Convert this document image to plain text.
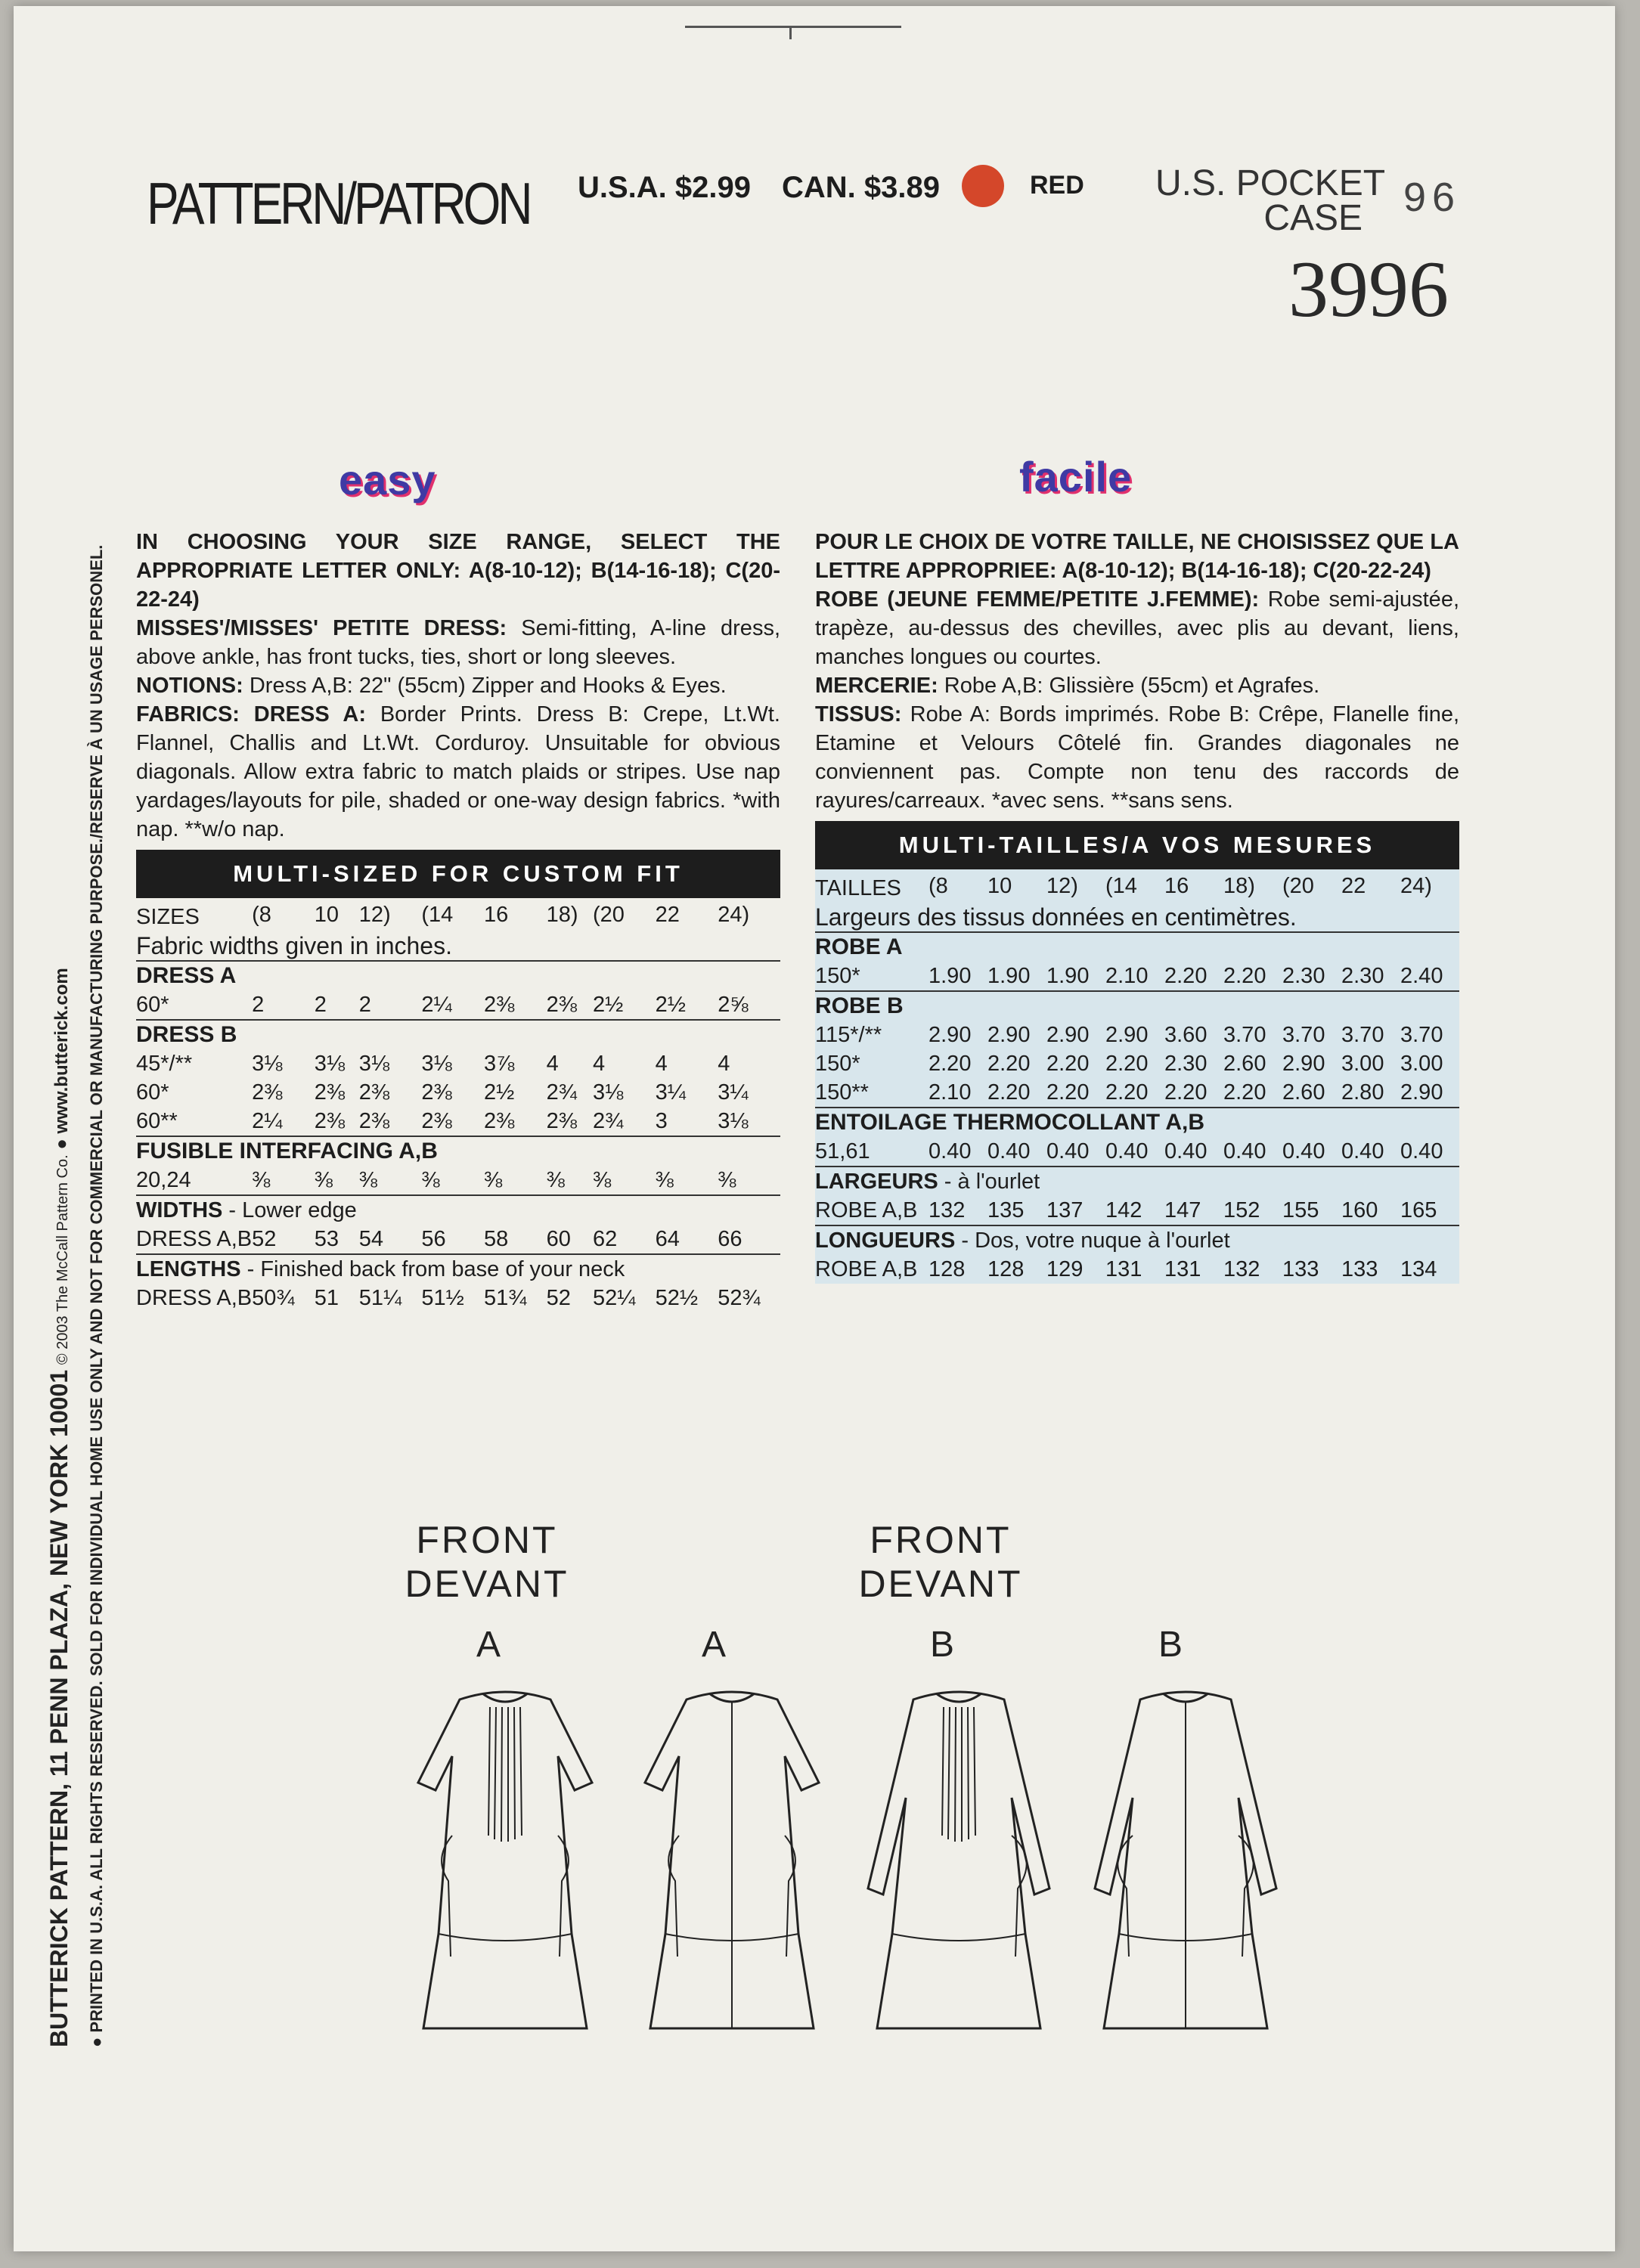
PATTERN/PATRON U.S.A. $2.99 CAN. $3.89	RED U.S. POCKET
CASE 96
3996
BUTTERICK PATTERN, 11 PENN PLAZA, NEW YORK 10001 © 2003 The McCall Pattern Co. ● www.butterick.com
● PRINTED IN U.S.A. ALL RIGHTS RESERVED. SOLD FOR INDIVIDUAL HOME USE ONLY AND NOT FOR COMMERCIAL OR MANUFACTURING PURPOSE./RESERVE À UN USAGE PERSONEL.
easy

IN CHOOSING YOUR SIZE RANGE, SELECT THE APPROPRIATE LETTER ONLY: A(8-10-12); B(14-16-18); C(20-22-24)

MISSES'/MISSES' PETITE DRESS: Semi-fitting, A-line dress, above ankle, has front tucks, ties, short or long sleeves.

NOTIONS: Dress A,B: 22" (55cm) Zipper and Hooks & Eyes.

FABRICS: DRESS A: Border Prints. Dress B: Crepe, Lt.Wt. Flannel, Challis and Lt.Wt. Corduroy. Unsuitable for obvious diagonals. Allow extra fabric to match plaids or stripes. Use nap yardages/layouts for pile, shaded or one-way design fabrics. *with nap. **w/o nap.

MULTI-SIZED FOR CUSTOM FIT
SIZES	(8	10	12)	(14	16	18)	(20	22	24)
Fabric widths given in inches.									

DRESS A									
60*	2	2	2	2¼	2⅜	2⅜	2½	2½	2⅝

DRESS B									
45*/**	3⅛	3⅛	3⅛	3⅛	3⅞	4	4	4	4
60*	2⅜	2⅜	2⅜	2⅜	2½	2¾	3⅛	3¼	3¼
60**	2¼	2⅜	2⅜	2⅜	2⅜	2⅜	2¾	3	3⅛

FUSIBLE INTERFACING A,B									
20,24	⅜	⅜	⅜	⅜	⅜	⅜	⅜	⅜	⅜

WIDTHS - Lower edge									
DRESS A,B	52	53	54	56	58	60	62	64	66

LENGTHS - Finished back from base of your neck									
DRESS A,B	50¾	51	51¼	51½	51¾	52	52¼	52½	52¾
facile

POUR LE CHOIX DE VOTRE TAILLE, NE CHOISISSEZ QUE LA LETTRE APPROPRIEE: A(8-10-12); B(14-16-18); C(20-22-24)

ROBE (JEUNE FEMME/PETITE J.FEMME): Robe semi-ajustée, trapèze, au-dessus des chevilles, avec plis au devant, liens, manches longues ou courtes.

MERCERIE: Robe A,B: Glissière (55cm) et Agrafes.

TISSUS: Robe A: Bords imprimés. Robe B: Crêpe, Flanelle fine, Etamine et Velours Côtelé fin. Grandes diagonales ne conviennent pas. Compte non tenu des raccords de rayures/carreaux. *avec sens. **sans sens.

MULTI-TAILLES/A VOS MESURES
TAILLES	(8	10	12)	(14	16	18)	(20	22	24)
Largeurs des tissus données en centimètres.									

ROBE A									
150*	1.90	1.90	1.90	2.10	2.20	2.20	2.30	2.30	2.40

ROBE B									
115*/**	2.90	2.90	2.90	2.90	3.60	3.70	3.70	3.70	3.70
150*	2.20	2.20	2.20	2.20	2.30	2.60	2.90	3.00	3.00
150**	2.10	2.20	2.20	2.20	2.20	2.20	2.60	2.80	2.90

ENTOILAGE THERMOCOLLANT A,B									
51,61	0.40	0.40	0.40	0.40	0.40	0.40	0.40	0.40	0.40

LARGEURS - à l'ourlet									
ROBE A,B	132	135	137	142	147	152	155	160	165

LONGUEURS - Dos, votre nuque à l'ourlet									
ROBE A,B	128	128	129	131	131	132	133	133	134
FRONT
DEVANT
FRONT
DEVANT
A	A	B	B
